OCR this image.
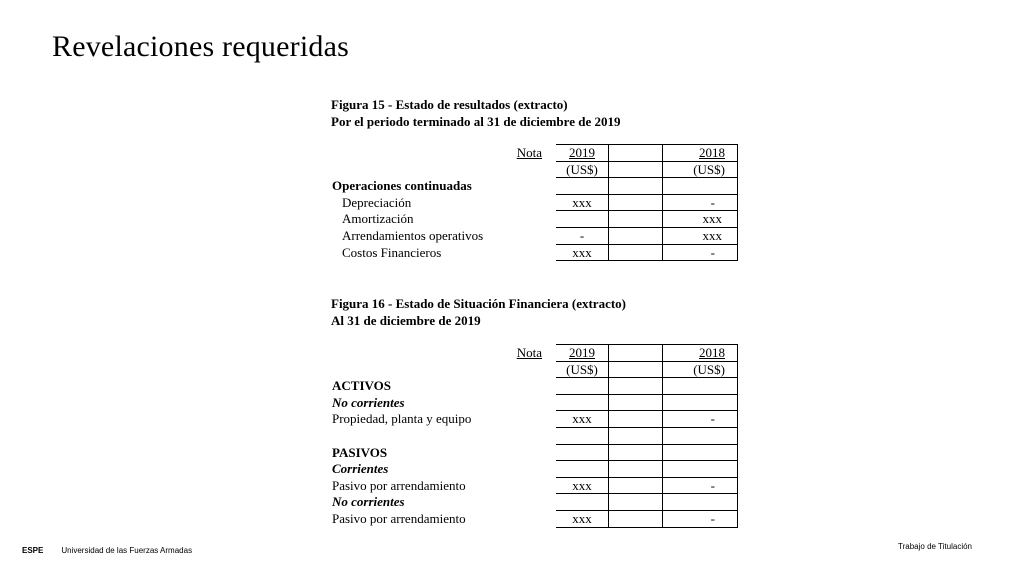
Revelaciones requeridas
Figura 15 - Estado de resultados (extracto)
Por el periodo terminado al 31 de diciembre de 2019
Nota	2019		2018
	(US$)		(US$)
Operaciones continuadas			
Depreciación	xxx		-
Amortización			xxx
Arrendamientos operativos	-		xxx
Costos Financieros	xxx		-
Figura 16 - Estado de Situación Financiera (extracto)
Al 31 de diciembre de 2019
Nota	2019		2018
	(US$)		(US$)
ACTIVOS			
No corrientes			
Propiedad, planta y equipo	xxx		-

PASIVOS			
Corrientes			
Pasivo por arrendamiento	xxx		-
No corrientes			
Pasivo por arrendamiento	xxx		-
ESPE Universidad de las Fuerzas Armadas	Trabajo de Titulación
